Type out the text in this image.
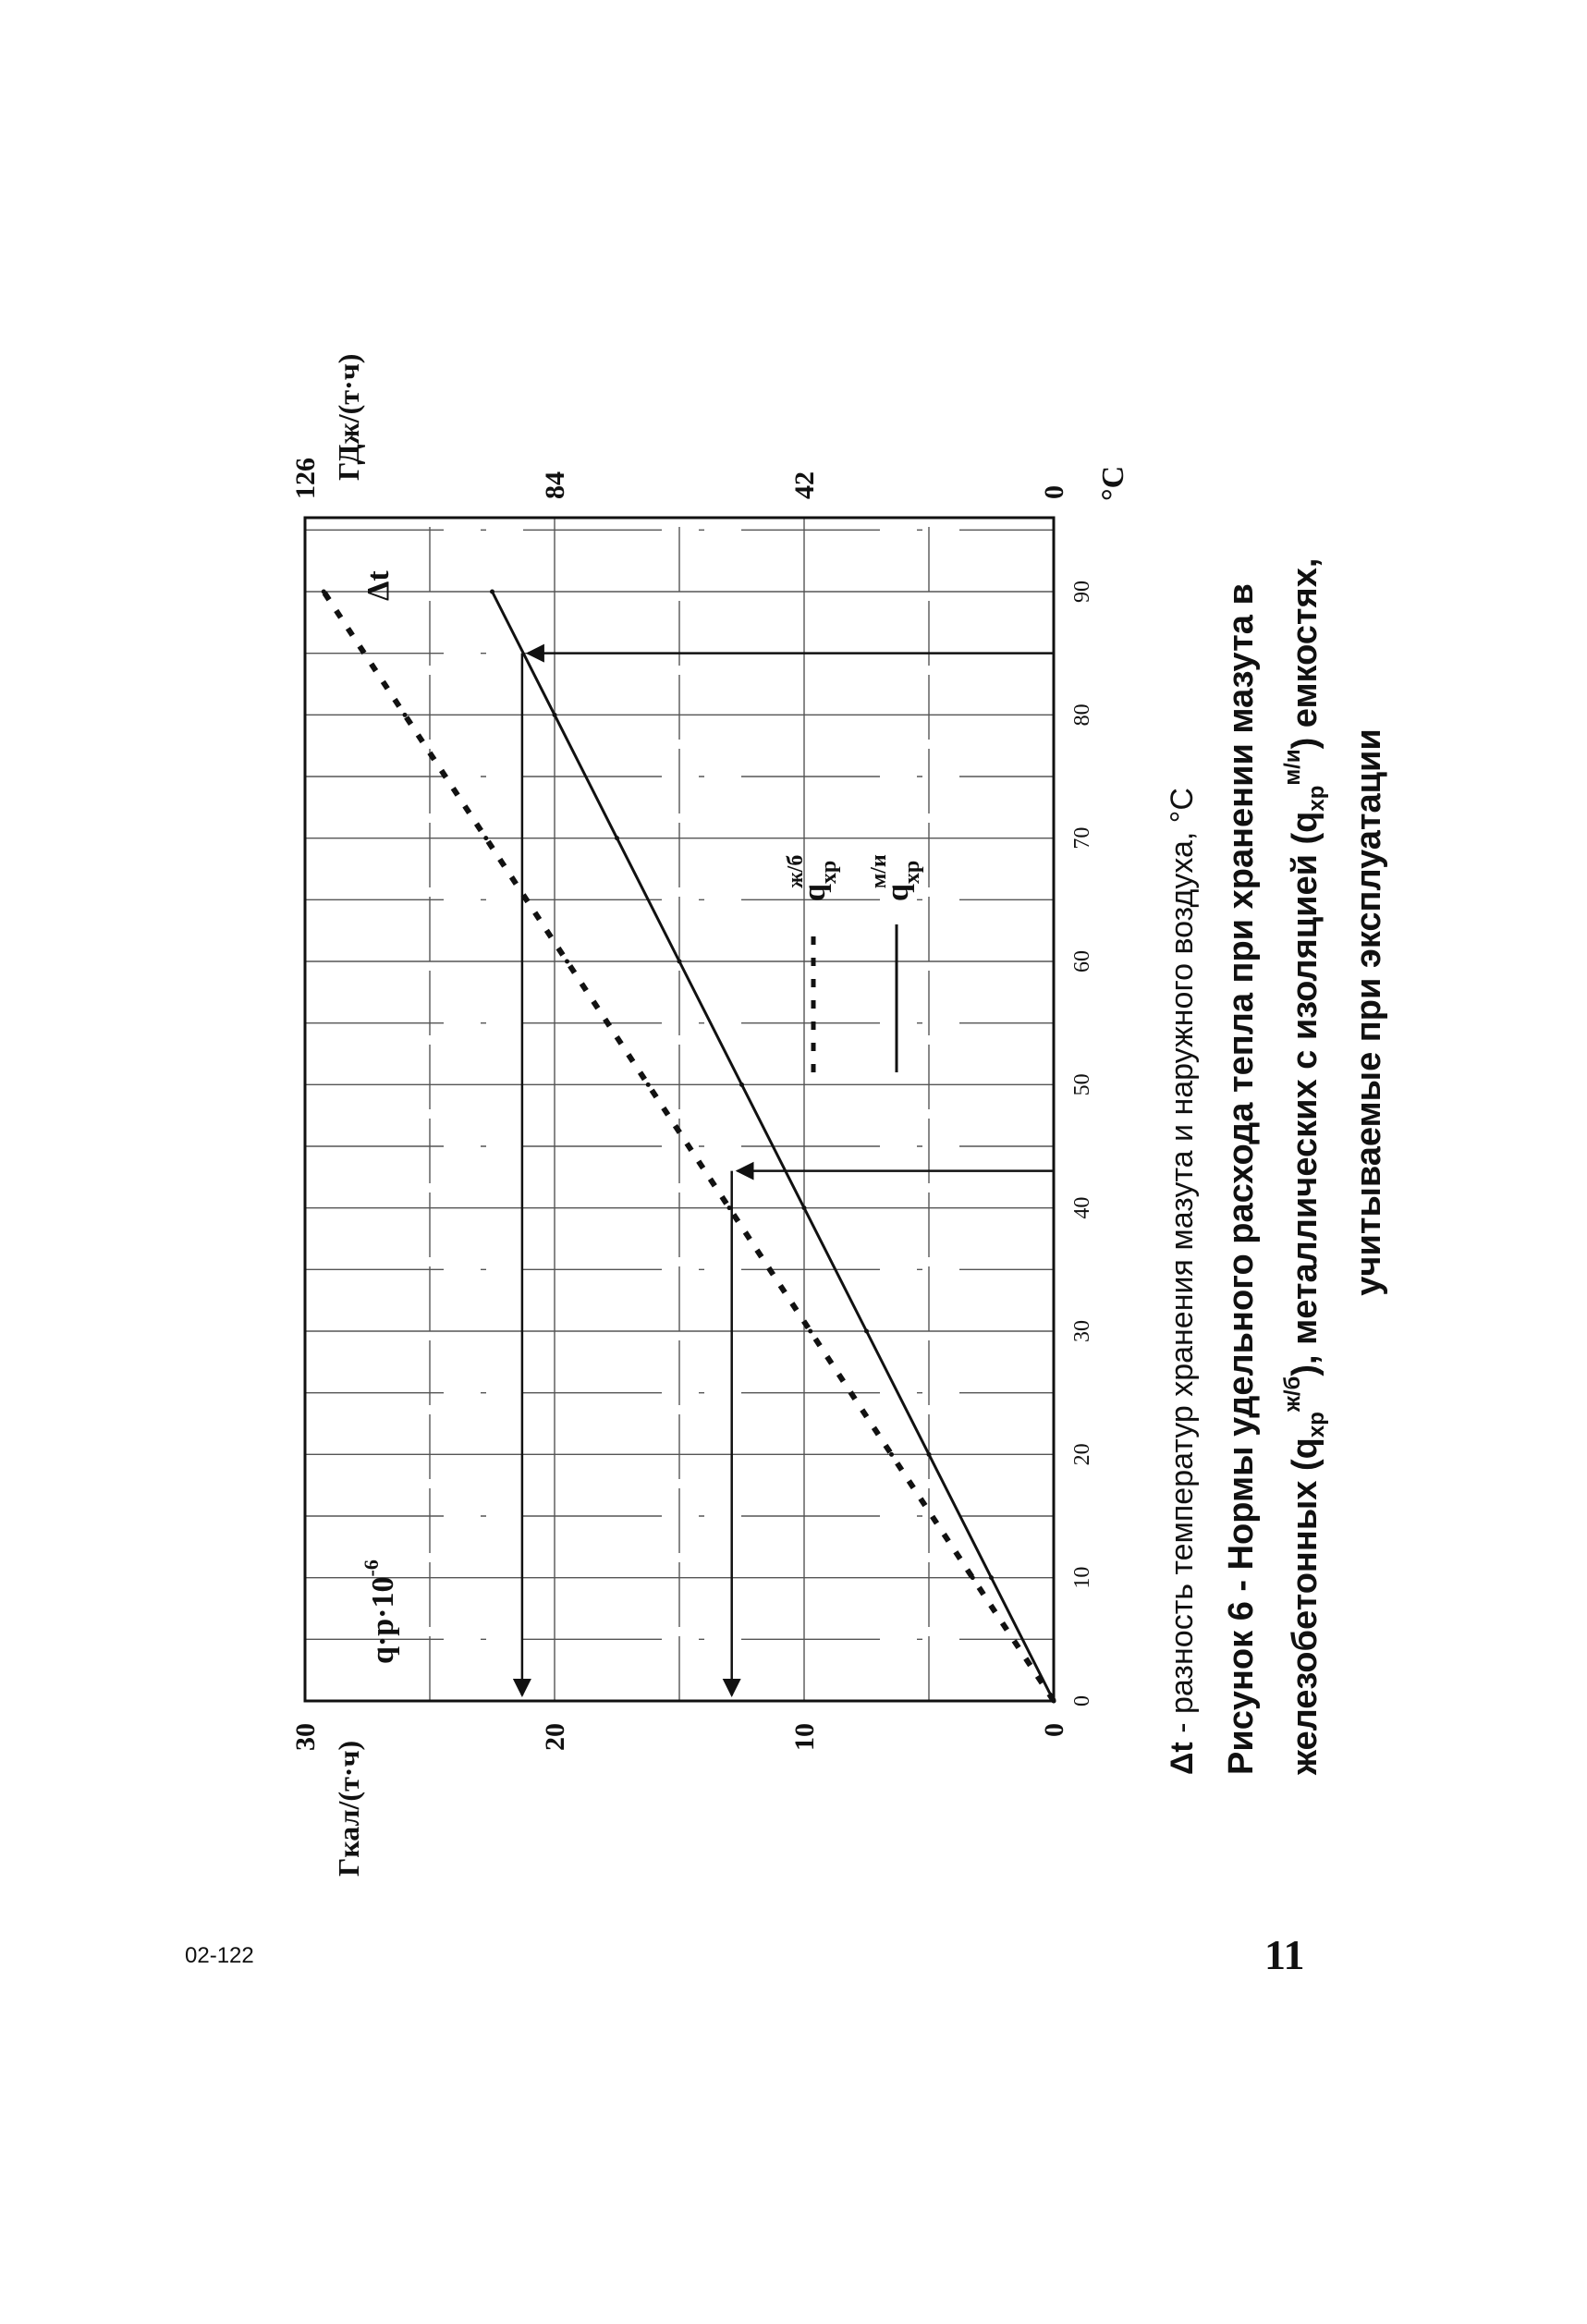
0
10
20
30
40
50
60
70
80
90
0
10
20
30
0
42
84
126
Гкал/(т·ч)
ГДж/(т·ч)
$q\cdot p\cdot 10^{-6}$
Δt
°C
$q_{хр}ж/б$
$q_{хр}м/и$
Δt - разность температур хранения мазута и наружного воздуха, °C Рисунок 6 - Нормы удельного расхода тепла при хранении мазута в железобетонных $(q_{хр}^{ж/б})$, металлических с изоляцией $(q_{хр}^{м/и})$ емкостях,
учитываемые при эксплуатации
02-122	11
